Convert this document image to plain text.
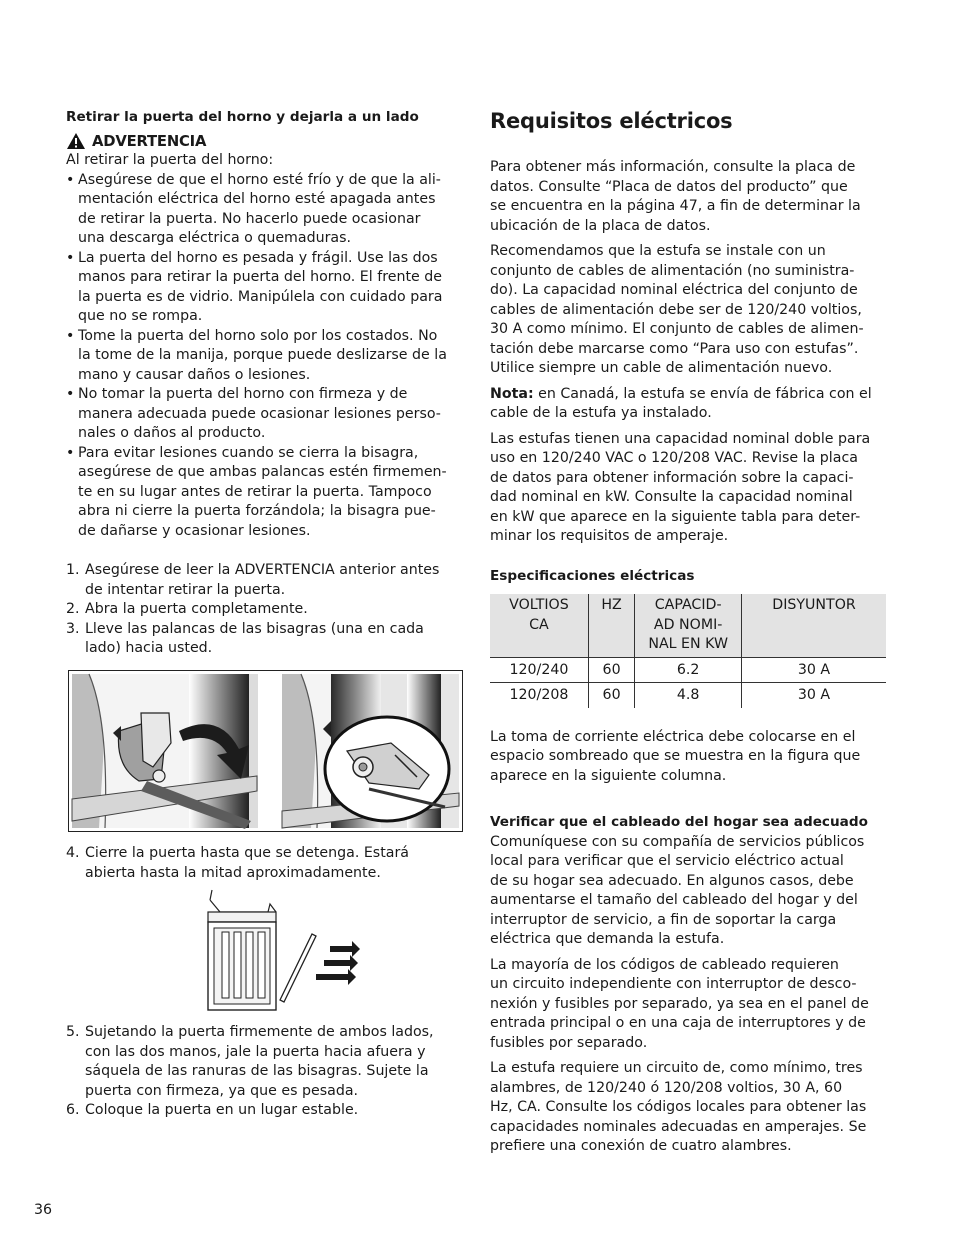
Retirar la puerta del horno y dejarla a un lado

ADVERTENCIA

Al retirar la puerta del horno:

• Asegúrese de que el horno esté frío y de que la ali-
mentación eléctrica del horno esté apagada antes
de retirar la puerta. No hacerlo puede ocasionar
una descarga eléctrica o quemaduras.
• La puerta del horno es pesada y frágil. Use las dos
manos para retirar la puerta del horno. El frente de
la puerta es de vidrio. Manipúlela con cuidado para
que no se rompa.
• Tome la puerta del horno solo por los costados. No
la tome de la manija, porque puede deslizarse de la
mano y causar daños o lesiones.
• No tomar la puerta del horno con firmeza y de
manera adecuada puede ocasionar lesiones perso-
nales o daños al producto.
• Para evitar lesiones cuando se cierra la bisagra,
asegúrese de que ambas palancas estén firmemen-
te en su lugar antes de retirar la puerta. Tampoco
abra ni cierre la puerta forzándola; la bisagra pue-
de dañarse y ocasionar lesiones.
1. Asegúrese de leer la ADVERTENCIA anterior antes
de intentar retirar la puerta.
2. Abra la puerta completamente.
3. Lleve las palancas de las bisagras (una en cada
lado) hacia usted.
4. Cierre la puerta hasta que se detenga. Estará
abierta hasta la mitad aproximadamente.
5. Sujetando la puerta firmemente de ambos lados,
con las dos manos, jale la puerta hacia afuera y
sáquela de las ranuras de las bisagras. Sujete la
puerta con firmeza, ya que es pesada.
6. Coloque la puerta en un lugar estable.
Requisitos eléctricos
Para obtener más información, consulte la placa de
datos. Consulte “Placa de datos del producto” que
se encuentra en la página 47, a fin de determinar la
ubicación de la placa de datos.
Recomendamos que la estufa se instale con un
conjunto de cables de alimentación (no suministra-
do). La capacidad nominal eléctrica del conjunto de
cables de alimentación debe ser de 120/240 voltios,
30 A como mínimo. El conjunto de cables de alimen-
tación debe marcarse como “Para uso con estufas”.
Utilice siempre un cable de alimentación nuevo.
Nota: en Canadá, la estufa se envía de fábrica con el
cable de la estufa ya instalado.
Las estufas tienen una capacidad nominal doble para
uso en 120/240 VAC o 120/208 VAC. Revise la placa
de datos para obtener información sobre la capaci-
dad nominal en kW. Consulte la capacidad nominal
en kW que aparece en la siguiente tabla para deter-
minar los requisitos de amperaje.

Especificaciones eléctricas

VOLTIOS
CA	HZ	CAPACID-
AD NOMI-
NAL EN KW	DISYUNTOR
120/240	60	6.2	30 A
120/208	60	4.8	30 A
La toma de corriente eléctrica debe colocarse en el
espacio sombreado que se muestra en la figura que
aparece en la siguiente columna.

Verificar que el cableado del hogar sea adecuado

Comuníquese con su compañía de servicios públicos
local para verificar que el servicio eléctrico actual
de su hogar sea adecuado. En algunos casos, debe
aumentarse el tamaño del cableado del hogar y del
interruptor de servicio, a fin de soportar la carga
eléctrica que demanda la estufa.
La mayoría de los códigos de cableado requieren
un circuito independiente con interruptor de desco-
nexión y fusibles por separado, ya sea en el panel de
entrada principal o en una caja de interruptores y de
fusibles por separado.
La estufa requiere un circuito de, como mínimo, tres
alambres, de 120/240 ó 120/208 voltios, 30 A, 60
Hz, CA. Consulte los códigos locales para obtener las
capacidades nominales adecuadas en amperajes. Se
prefiere una conexión de cuatro alambres.
36
